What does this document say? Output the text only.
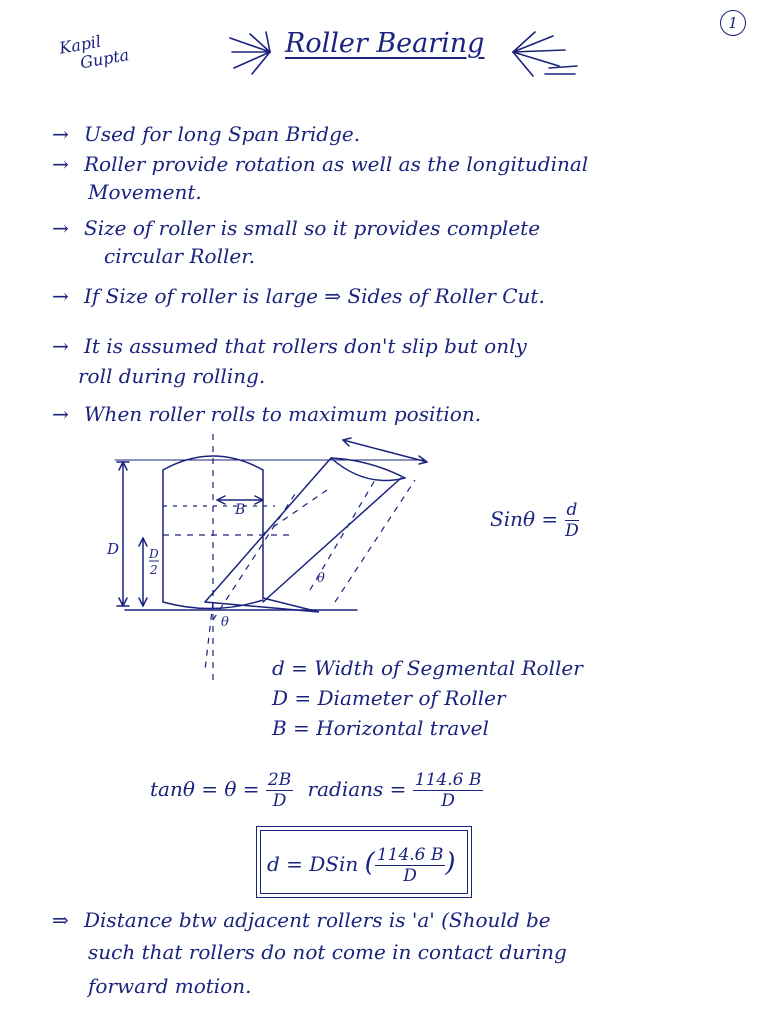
Kapil
Gupta	Roller Bearing
1
→ Used for long Span Bridge.
→ Roller provide rotation as well as the longitudinal
Movement.
→ Size of roller is small so it provides complete
circular Roller.
→ If Size of roller is large ⇒ Sides of Roller Cut.
→ It is assumed that rollers don't slip but only
roll during rolling.
→ When roller rolls to maximum position.
B
D D
2
θ
θ
$Sin\theta = \frac{d}{D}$
d = Width of Segmental Roller
D = Diameter of Roller
B = Horizontal travel
$\tan\theta = \theta = \frac{2B}{D}$ radians = $\frac{114.6 B}{D}$
d = DSin ( $\frac{114.6 B}{D}$ )
⇒ Distance btw adjacent rollers is 'a' (Should be
such that rollers do not come in contact during
forward motion.
